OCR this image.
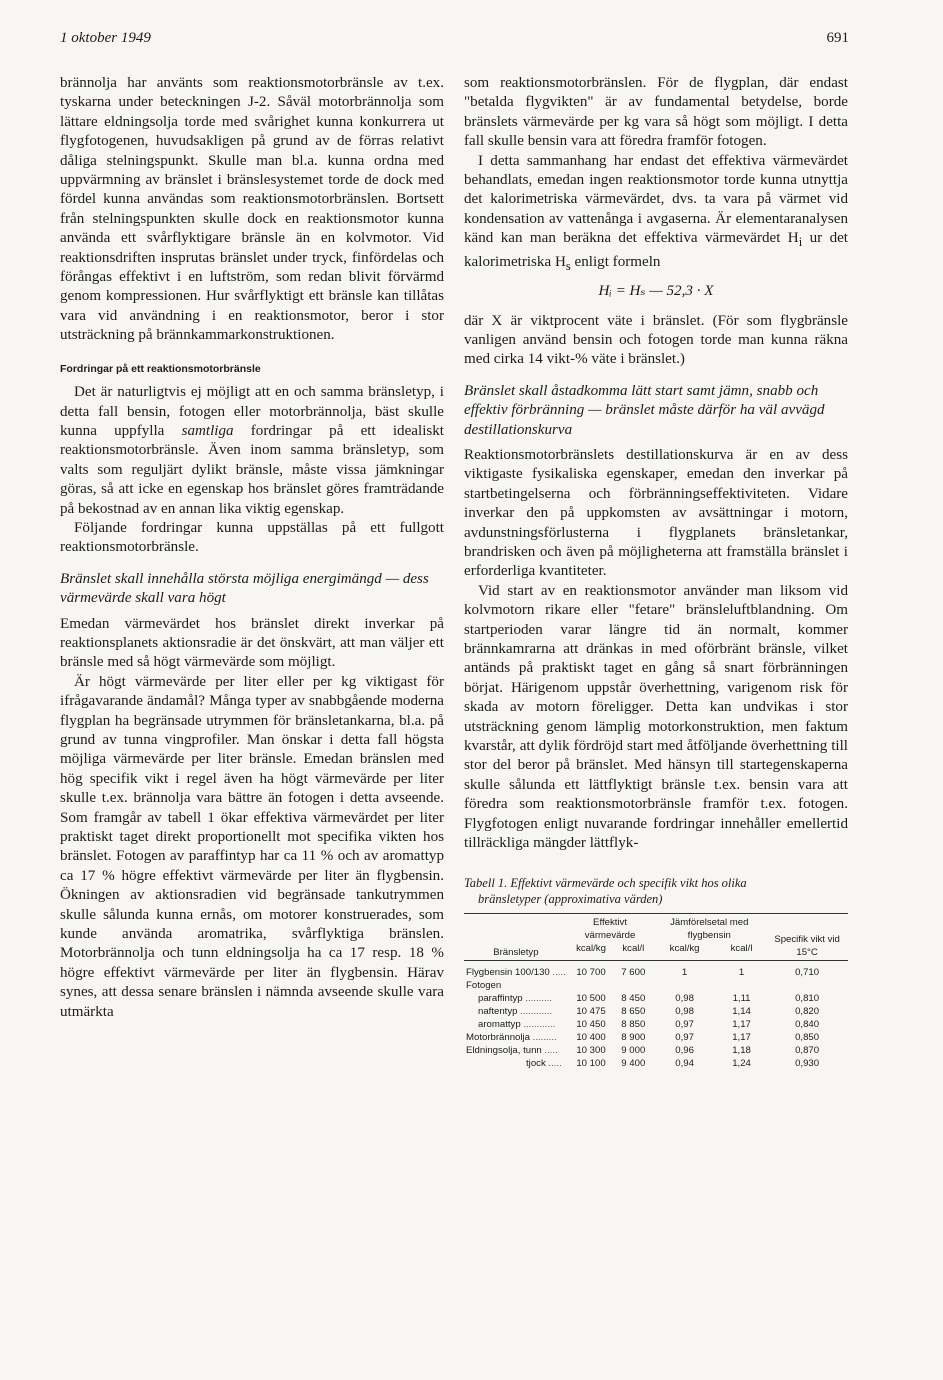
1 oktober 1949	691

brännolja har använts som reaktionsmotorbränsle av t.ex. tyskarna under beteckningen J-2. Såväl motorbrännolja som lättare eldningsolja torde med svårighet kunna konkurrera ut flygfotogenen, huvudsakligen på grund av de förras relativt dåliga stelningspunkt. Skulle man bl.a. kunna ordna med uppvärmning av bränslet i bränslesystemet torde de dock med fördel kunna användas som reaktionsmotorbränslen. Bortsett från stelningspunkten skulle dock en reaktionsmotor kunna använda ett svårflyktigare bränsle än en kolvmotor. Vid reaktionsdriften insprutas bränslet under tryck, finfördelas och förångas effektivt i en luftström, som redan blivit förvärmd genom kompressionen. Hur svårflyktigt ett bränsle kan tillåtas vara vid användning i en reaktionsmotor, beror i stor utsträckning på brännkammarkonstruktionen.

Fordringar på ett reaktionsmotorbränsle

Det är naturligtvis ej möjligt att en och samma bränsletyp, i detta fall bensin, fotogen eller motorbrännolja, bäst skulle kunna uppfylla samtliga fordringar på ett idealiskt reaktionsmotorbränsle. Även inom samma bränsletyp, som valts som reguljärt dylikt bränsle, måste vissa jämkningar göras, så att icke en egenskap hos bränslet göres framträdande på bekostnad av en annan lika viktig egenskap.

Följande fordringar kunna uppställas på ett fullgott reaktionsmotorbränsle.

Bränslet skall innehålla största möjliga energimängd — dess värmevärde skall vara högt

Emedan värmevärdet hos bränslet direkt inverkar på reaktionsplanets aktionsradie är det önskvärt, att man väljer ett bränsle med så högt värmevärde som möjligt.

Är högt värmevärde per liter eller per kg viktigast för ifrågavarande ändamål? Många typer av snabbgående moderna flygplan ha begränsade utrymmen för bränsletankarna, bl.a. på grund av tunna vingprofiler. Man önskar i detta fall högsta möjliga värmevärde per liter bränsle. Emedan bränslen med hög specifik vikt i regel även ha högt värmevärde per liter skulle t.ex. brännolja vara bättre än fotogen i detta avseende. Som framgår av tabell 1 ökar effektiva värmevärdet per liter praktiskt taget direkt proportionellt mot specifika vikten hos bränslet. Fotogen av paraffintyp har ca 11 % och av aromattyp ca 17 % högre effektivt värmevärde per liter än flygbensin. Ökningen av aktionsradien vid begränsade tankutrymmen skulle sålunda kunna ernås, om motorer konstruerades, som kunde använda aromatrika, svårflyktiga bränslen. Motorbrännolja och tunn eldningsolja ha ca 17 resp. 18 % högre effektivt värmevärde per liter än flygbensin. Härav synes, att dessa senare bränslen i nämnda avseende skulle vara utmärkta

som reaktionsmotorbränslen. För de flygplan, där endast "betalda flygvikten" är av fundamental betydelse, borde bränslets värmevärde per kg vara så högt som möjligt. I detta fall skulle bensin vara att föredra framför fotogen.

I detta sammanhang har endast det effektiva värmevärdet behandlats, emedan ingen reaktionsmotor torde kunna utnyttja det kalorimetriska värmevärdet, dvs. ta vara på värmet vid kondensation av vattenånga i avgaserna. Är elementaranalysen känd kan man beräkna det effektiva värmevärdet $H_i$ ur det kalorimetriska $H_s$ enligt formeln

Hᵢ = Hₛ — 52,3 · X

där X är viktprocent väte i bränslet. (För som flygbränsle vanligen använd bensin och fotogen torde man kunna räkna med cirka 14 vikt-% väte i bränslet.)

Bränslet skall åstadkomma lätt start samt jämn, snabb och effektiv förbränning — bränslet måste därför ha väl avvägd destillationskurva

Reaktionsmotorbränslets destillationskurva är en av dess viktigaste fysikaliska egenskaper, emedan den inverkar på startbetingelserna och förbränningseffektiviteten. Vidare inverkar den på uppkomsten av avsättningar i motorn, avdunstningsförlusterna i flygplanets bränsletankar, brandrisken och även på möjligheterna att framställa bränslet i erforderliga kvantiteter.

Vid start av en reaktionsmotor använder man liksom vid kolvmotorn rikare eller "fetare" bränsleluftblandning. Om startperioden varar längre tid än normalt, kommer brännkamrarna att dränkas in med oförbränt bränsle, vilket antänds på praktiskt taget en gång så snart förbränningen börjat. Härigenom uppstår överhettning, varigenom risk för skada av motorn föreligger. Detta kan undvikas i stor utsträckning genom lämplig motorkonstruktion, men faktum kvarstår, att dylik fördröjd start med åtföljande överhettning till stor del beror på bränslet. Med hänsyn till startegenskaperna skulle sålunda ett lättflyktigt bränsle t.ex. bensin vara att föredra som reaktionsmotorbränsle framför t.ex. fotogen. Flygfotogen enligt nuvarande fordringar innehåller emellertid tillräckliga mängder lättflyk-

Tabell 1. Effektivt värmevärde och specifik vikt hos olika
bränsletyper (approximativa värden)
Bränsletyp	Effektivt värmevärde		Jämförelsetal med flygbensin		Specifik vikt vid 15°C
	kcal/kg	kcal/l	kcal/kg	kcal/l	
Flygbensin 100/130 .....	10 700	7 600	1	1	0,710
Fotogen					
paraffintyp ..........	10 500	8 450	0,98	1,11	0,810
naftentyp ............	10 475	8 650	0,98	1,14	0,820
aromattyp ............	10 450	8 850	0,97	1,17	0,840
Motorbrännolja .........	10 400	8 900	0,97	1,17	0,850
Eldningsolja, tunn .....	10 300	9 000	0,96	1,18	0,870
tjock .....	10 100	9 400	0,94	1,24	0,930
